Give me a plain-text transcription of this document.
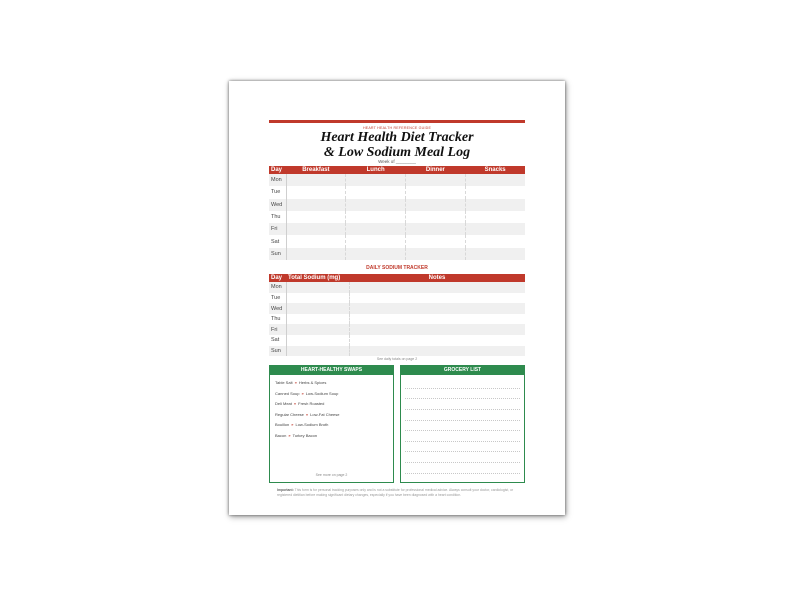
HEART HEALTH REFERENCE GUIDE
Heart Health Diet Tracker
& Low Sodium Meal Log
Week of ________
Day	Breakfast	Lunch	Dinner	Snacks
Mon				
Tue				
Wed				
Thu				
Fri				
Sat				
Sun				
DAILY SODIUM TRACKER
Day	Total Sodium (mg)	Notes
Mon		
Tue		
Wed		
Thu		
Fri		
Sat		
Sun		
See daily totals on page 2
HEART-HEALTHY SWAPS
Table Salt » Herbs & Spices
Canned Soup » Low-Sodium Soup
Deli Meat » Fresh Roasted
Regular Cheese » Low-Fat Cheese
Bouillon » Low-Sodium Broth
Bacon » Turkey Bacon
See more on page 2
GROCERY LIST
Important: This form is for personal tracking purposes only and is not a substitute for professional medical advice. Always consult your doctor, cardiologist, or registered dietitian before making significant dietary changes, especially if you have been diagnosed with a heart condition.
